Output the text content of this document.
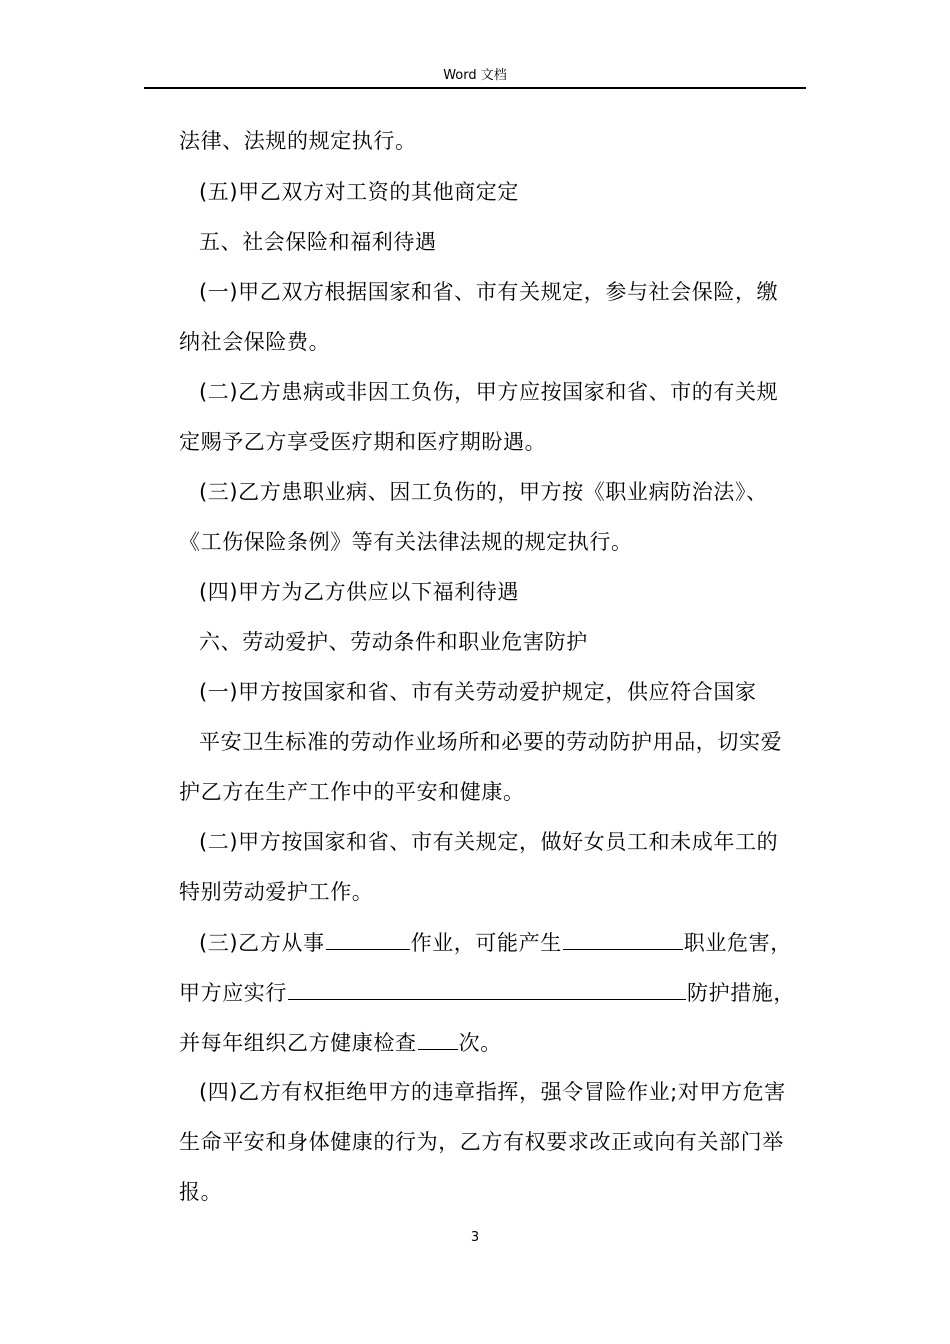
Word 文档
法律、法规的规定执行。
(五)甲乙双方对工资的其他商定定
五、社会保险和福利待遇
(一)甲乙双方根据国家和省、市有关规定，参与社会保险，缴
纳社会保险费。
(二)乙方患病或非因工负伤，甲方应按国家和省、市的有关规
定赐予乙方享受医疗期和医疗期盼遇。
(三)乙方患职业病、因工负伤的，甲方按《职业病防治法》、
《工伤保险条例》等有关法律法规的规定执行。
(四)甲方为乙方供应以下福利待遇
六、劳动爱护、劳动条件和职业危害防护
(一)甲方按国家和省、市有关劳动爱护规定，供应符合国家
平安卫生标准的劳动作业场所和必要的劳动防护用品，切实爱
护乙方在生产工作中的平安和健康。
(二)甲方按国家和省、市有关规定，做好女员工和未成年工的
特别劳动爱护工作。
(三)乙方从事	作业，可能产生	职业危害，
甲方应实行	防护措施，
并每年组织乙方健康检查 次。
(四)乙方有权拒绝甲方的违章指挥，强令冒险作业;对甲方危害
生命平安和身体健康的行为，乙方有权要求改正或向有关部门举
报。
3
